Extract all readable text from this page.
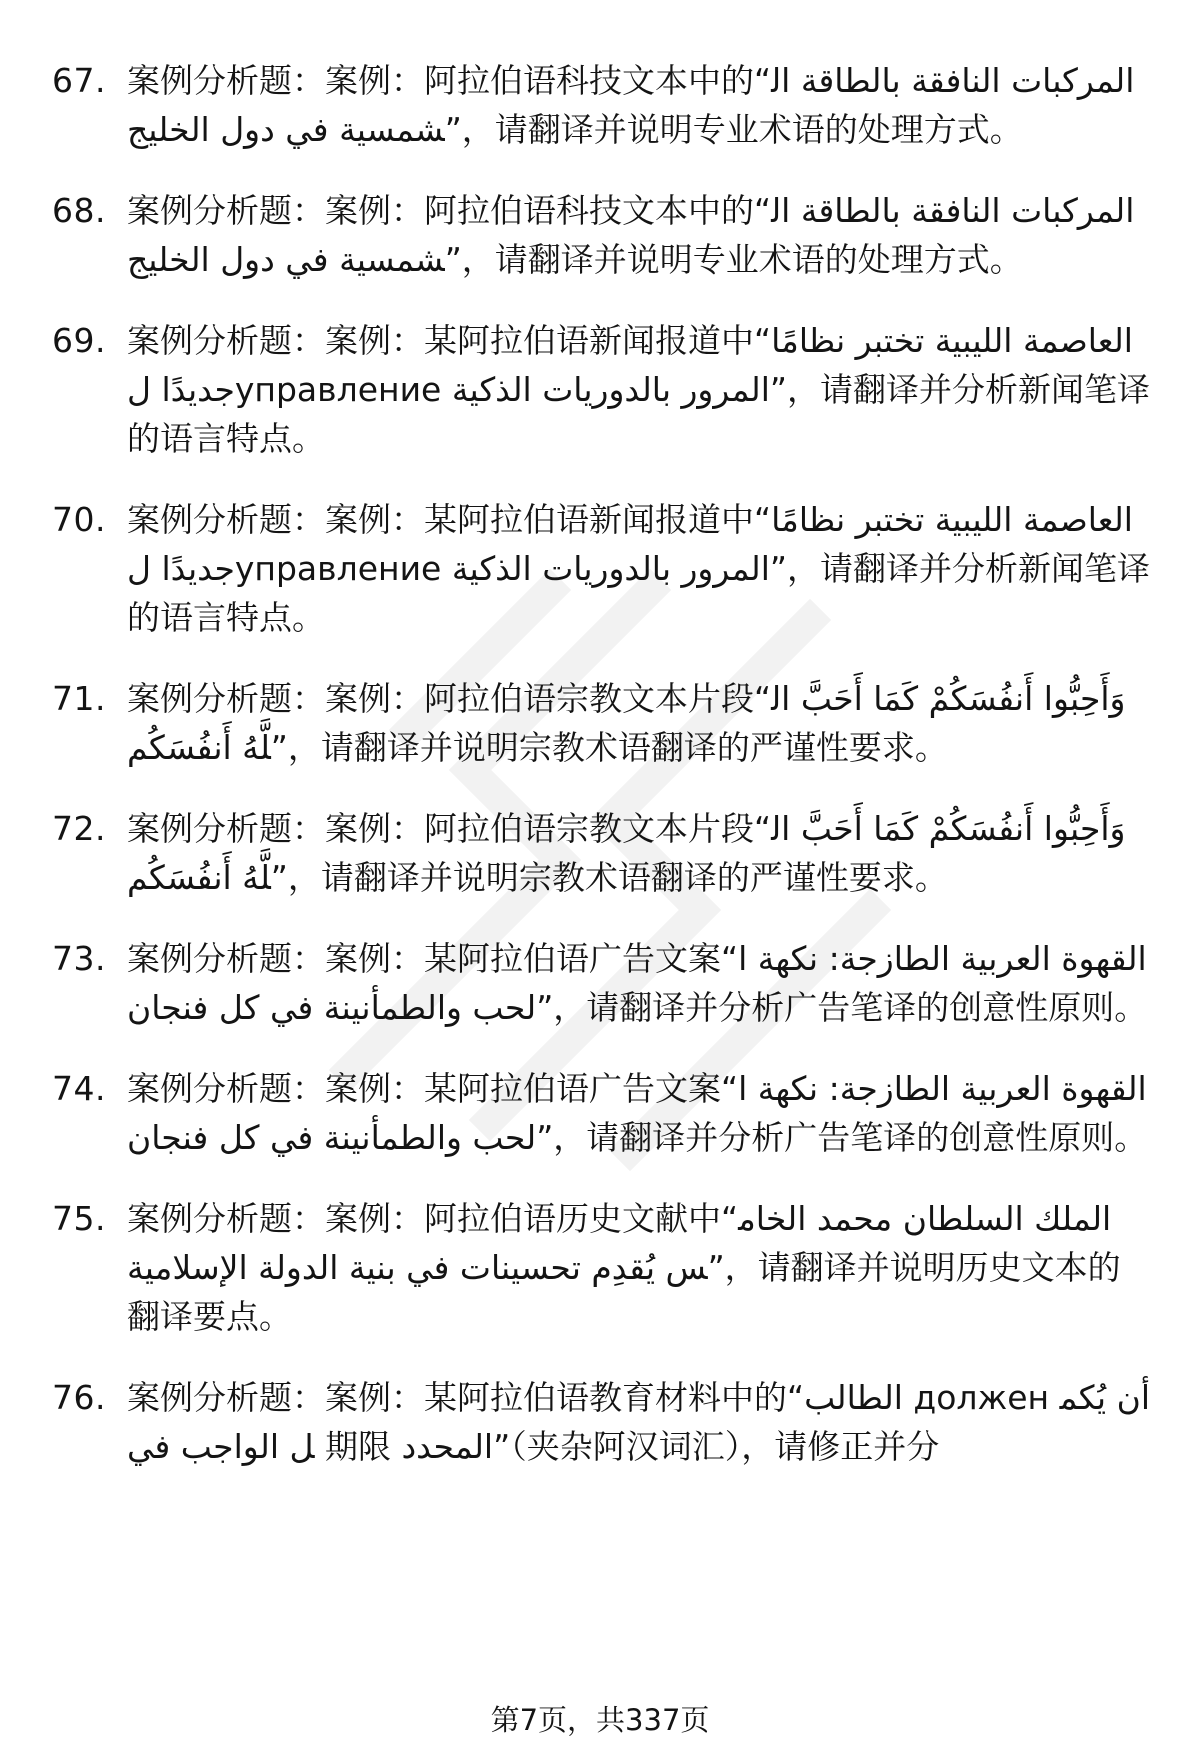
67. 案例分析题：案例：阿拉伯语科技文本中的“المركبات النافقة بالطاقة الشمسية في دول الخليج”，请翻译并说明专业术语的处理方式。
68. 案例分析题：案例：阿拉伯语科技文本中的“المركبات النافقة بالطاقة الشمسية في دول الخليج”，请翻译并说明专业术语的处理方式。
69. 案例分析题：案例：某阿拉伯语新闻报道中“العاصمة الليبية تختبر نظامًا جديدًا لуправление المرور بالدوريات الذكية”，请翻译并分析新闻笔译的语言特点。
70. 案例分析题：案例：某阿拉伯语新闻报道中“العاصمة الليبية تختبر نظامًا جديدًا لуправление المرور بالدوريات الذكية”，请翻译并分析新闻笔译的语言特点。
71. 案例分析题：案例：阿拉伯语宗教文本片段“وَأَحِبُّوا أَنفُسَكُمْ كَمَا أَحَبَّ اللَّهُ أَنفُسَكُم”，请翻译并说明宗教术语翻译的严谨性要求。
72. 案例分析题：案例：阿拉伯语宗教文本片段“وَأَحِبُّوا أَنفُسَكُمْ كَمَا أَحَبَّ اللَّهُ أَنفُسَكُم”，请翻译并说明宗教术语翻译的严谨性要求。
73. 案例分析题：案例：某阿拉伯语广告文案“القهوة العربية الطازجة: نكهة الحب والطمأنينة في كل فنجان”，请翻译并分析广告笔译的创意性原则。
74. 案例分析题：案例：某阿拉伯语广告文案“القهوة العربية الطازجة: نكهة الحب والطمأنينة في كل فنجان”，请翻译并分析广告笔译的创意性原则。
75. 案例分析题：案例：阿拉伯语历史文献中“الملك السلطان محمد الخامس يُقدِم تحسينات في بنية الدولة الإسلامية”，请翻译并说明历史文本的翻译要点。
76. 案例分析题：案例：某阿拉伯语教育材料中的“الطالب должен أن يُكمل الواجب في 期限 المحدد”（夹杂阿汉词汇），请修正并分
第7页，共337页
